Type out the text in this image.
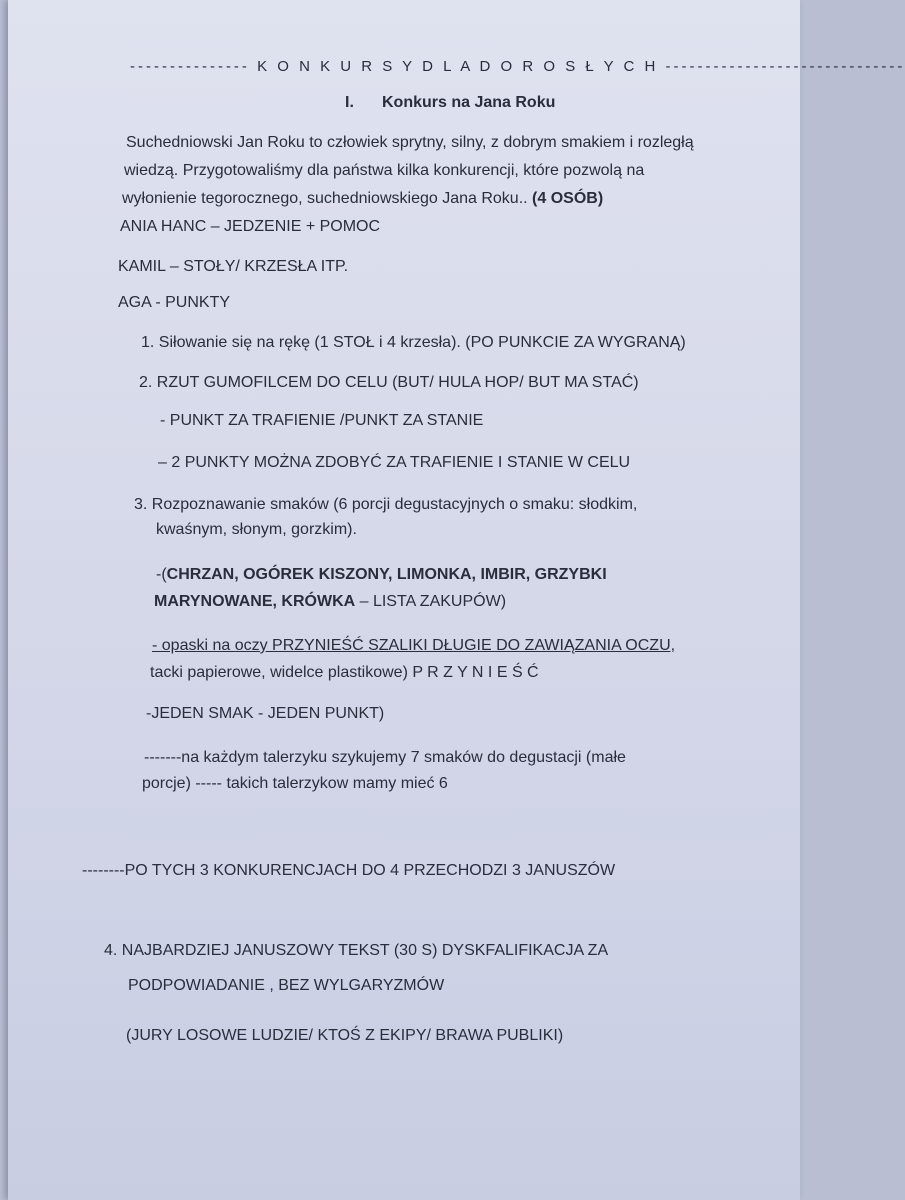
--------------- K O N K U R S Y D L A D O R O S Ł Y C H ------------------------------
I. Konkurs na Jana Roku
Suchedniowski Jan Roku to człowiek sprytny, silny, z dobrym smakiem i rozległą
wiedzą. Przygotowaliśmy dla państwa kilka konkurencji, które pozwolą na
wyłonienie tegorocznego, suchedniowskiego Jana Roku.. (4 OSÓB)
ANIA HANC – JEDZENIE + POMOC
KAMIL – STOŁY/ KRZESŁA ITP.
AGA - PUNKTY
1. Siłowanie się na rękę (1 STOŁ i 4 krzesła). (PO PUNKCIE ZA WYGRANĄ)
2. RZUT GUMOFILCEM DO CELU (BUT/ HULA HOP/ BUT MA STAĆ)
- PUNKT ZA TRAFIENIE /PUNKT ZA STANIE
– 2 PUNKTY MOŻNA ZDOBYĆ ZA TRAFIENIE I STANIE W CELU
3. Rozpoznawanie smaków (6 porcji degustacyjnych o smaku: słodkim,
kwaśnym, słonym, gorzkim).
-(CHRZAN, OGÓREK KISZONY, LIMONKA, IMBIR, GRZYBKI
MARYNOWANE, KRÓWKA – LISTA ZAKUPÓW)
- opaski na oczy PRZYNIEŚĆ SZALIKI DŁUGIE DO ZAWIĄZANIA OCZU,
tacki papierowe, widelce plastikowe) P R Z Y N I E Ś Ć
-JEDEN SMAK - JEDEN PUNKT)
-------na każdym talerzyku szykujemy 7 smaków do degustacji (małe
porcje) ----- takich talerzykow mamy mieć 6
--------PO TYCH 3 KONKURENCJACH DO 4 PRZECHODZI 3 JANUSZÓW
4. NAJBARDZIEJ JANUSZOWY TEKST (30 S) DYSKFALIFIKACJA ZA
PODPOWIADANIE , BEZ WYLGARYZMÓW
(JURY LOSOWE LUDZIE/ KTOŚ Z EKIPY/ BRAWA PUBLIKI)
